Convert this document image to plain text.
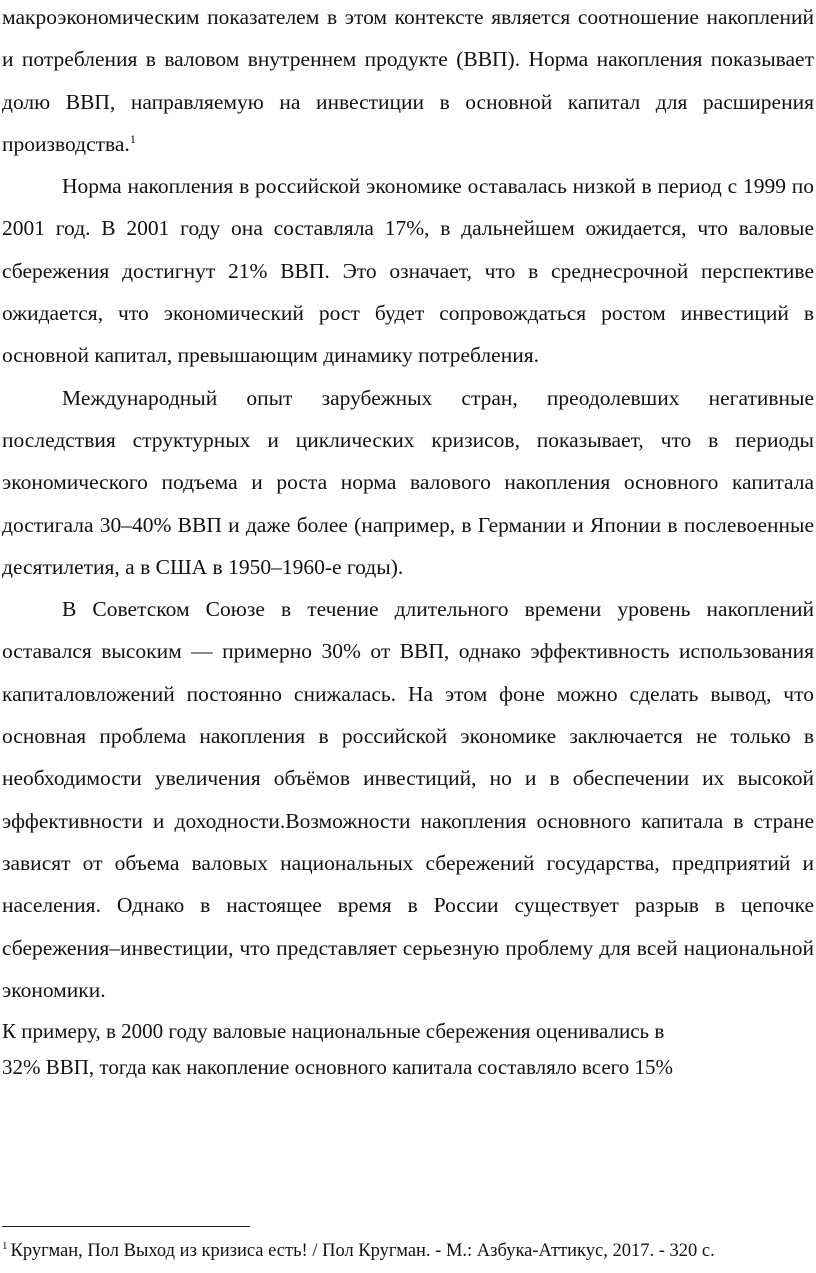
макроэкономическим показателем в этом контексте является соотношение накоплений и потребления в валовом внутреннем продукте (ВВП). Норма накопления показывает долю ВВП, направляемую на инвестиции в основной капитал для расширения производства.$^1$

Норма накопления в российской экономике оставалась низкой в период с 1999 по 2001 год. В 2001 году она составляла 17%, в дальнейшем ожидается, что валовые сбережения достигнут 21% ВВП. Это означает, что в среднесрочной перспективе ожидается, что экономический рост будет сопровождаться ростом инвестиций в основной капитал, превышающим динамику потребления.

Международный опыт зарубежных стран, преодолевших негативные последствия структурных и циклических кризисов, показывает, что в периоды экономического подъема и роста норма валового накопления основного капитала достигала 30–40% ВВП и даже более (например, в Германии и Японии в послевоенные десятилетия, а в США в 1950–1960-е годы).

В Советском Союзе в течение длительного времени уровень накоплений оставался высоким — примерно 30% от ВВП, однако эффективность использования капиталовложений постоянно снижалась. На этом фоне можно сделать вывод, что основная проблема накопления в российской экономике заключается не только в необходимости увеличения объёмов инвестиций, но и в обеспечении их высокой эффективности и доходности.Возможности накопления основного капитала в стране зависят от объема валовых национальных сбережений государства, предприятий и населения. Однако в настоящее время в России существует разрыв в цепочке сбережения–инвестиции, что представляет серьезную проблему для всей национальной экономики.

К примеру, в 2000 году валовые национальные сбережения оценивались в
32% ВВП, тогда как накопление основного капитала составляло всего 15%

$^1$ Кругман, Пол Выход из кризиса есть! / Пол Кругман. - М.: Азбука-Аттикус, 2017. - 320 с.
